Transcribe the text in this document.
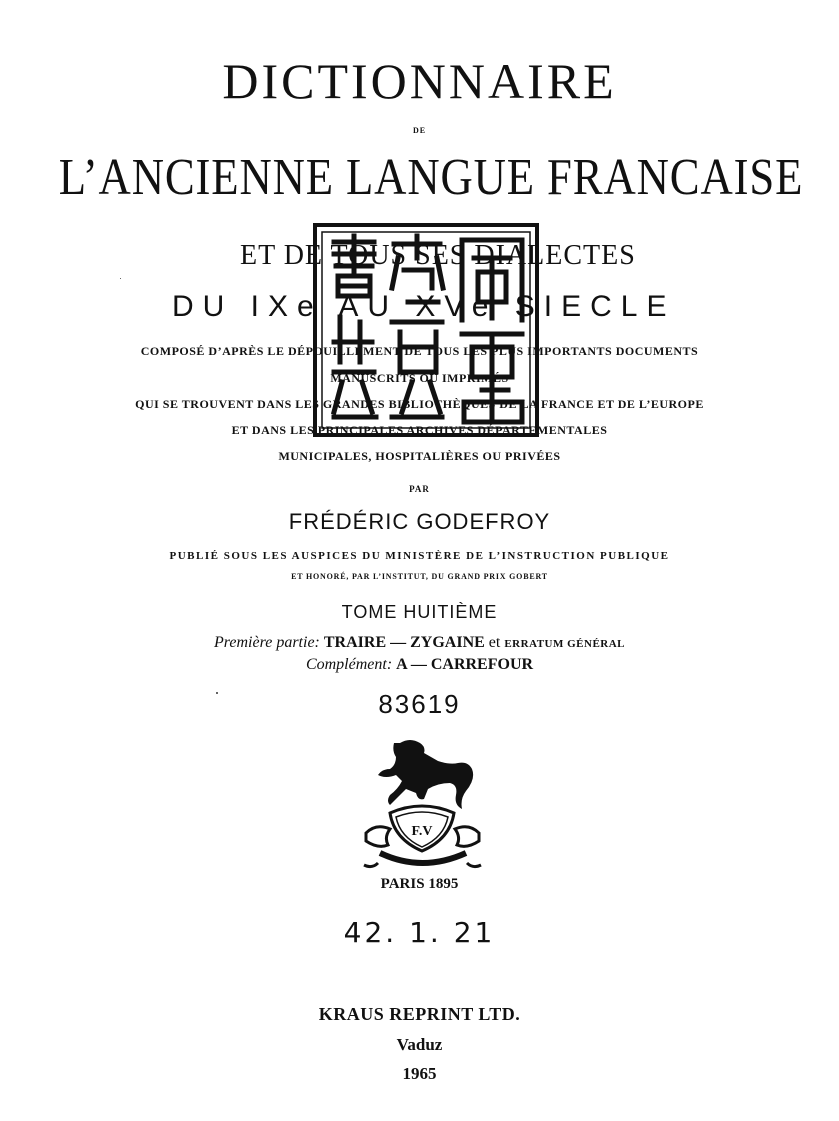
DICTIONNAIRE
DE
L’ANCIENNE LANGUE FRANCAISE
ET DE TOUS SES DIALECTES
DU IXe AU XVe SIECLE
COMPOSÉ D’APRÈS LE DÉPOUILLEMENT DE TOUS LES PLUS IMPORTANTS DOCUMENTS
MANUSCRITS OU IMPRIMÉS
QUI SE TROUVENT DANS LES GRANDES BIBLIOTHÈQUES DE LA FRANCE ET DE L’EUROPE
ET DANS LES PRINCIPALES ARCHIVES DÉPARTEMENTALES
MUNICIPALES, HOSPITALIÈRES OU PRIVÉES
PAR
FRÉDÉRIC GODEFROY
PUBLIÉ SOUS LES AUSPICES DU MINISTÈRE DE L’INSTRUCTION PUBLIQUE
ET HONORÉ, PAR L’INSTITUT, DU GRAND PRIX GOBERT
TOME HUITIÈME
Première partie: TRAIRE — ZYGAINE et ERRATUM GÉNÉRAL
Complément: A — CARREFOUR
83619
F.V
PARIS 1895
42. 1. 21
KRAUS REPRINT LTD.
Vaduz
1965
